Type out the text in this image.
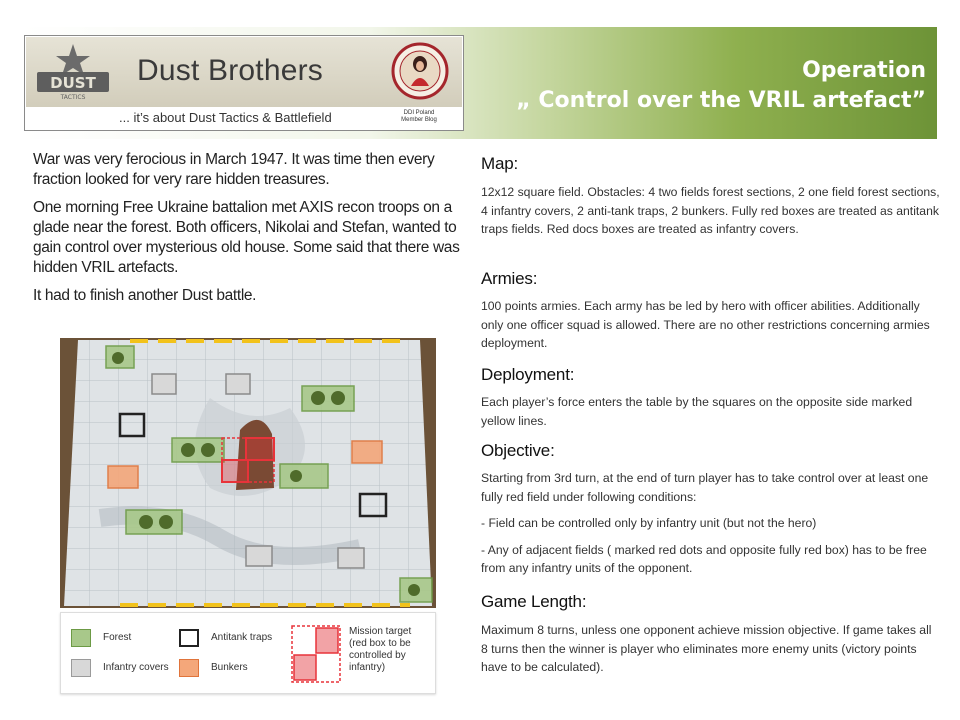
DUST
TACTICS
Dust Brothers
... it’s about Dust Tactics & Battlefield	DDI Poland
Member Blog
Operation
„ Control over the VRIL artefact”

War was very ferocious in March 1947. It was time then every fraction looked for very rare hidden treasures.

One morning Free Ukraine battalion met AXIS recon troops on a glade near the forest. Both officers, Nikolai and Stefan, wanted to gain control over mysterious old house. Some said that there was hidden VRIL artefacts.

It had to finish another Dust battle.

Forest
Infantry covers
Antitank traps
Bunkers
Mission target (red box to be controlled by infantry)
Map:

12x12 square field. Obstacles: 4 two fields forest sections, 2 one field forest sections, 4 infantry covers, 2 anti-tank traps, 2 bunkers. Fully red boxes are treated as antitank traps fields. Red docs boxes are treated as infantry covers.

Armies:

100 points armies. Each army has be led by hero with officer abilities. Additionally only one officer squad is allowed. There are no other restrictions concerning armies deployment.

Deployment:

Each player’s force enters the table by the squares on the opposite side marked yellow lines.

Objective:

Starting from 3rd turn, at the end of turn player has to take control over at least one fully red field under following conditions:

- Field can be controlled only by infantry unit (but not the hero)

- Any of adjacent fields ( marked red dots and opposite fully red box) has to be free from any infantry units of the opponent.

Game Length:

Maximum 8 turns, unless one opponent achieve mission objective. If game takes all 8 turns then the winner is player who eliminates more enemy units (victory points have to be calculated).
